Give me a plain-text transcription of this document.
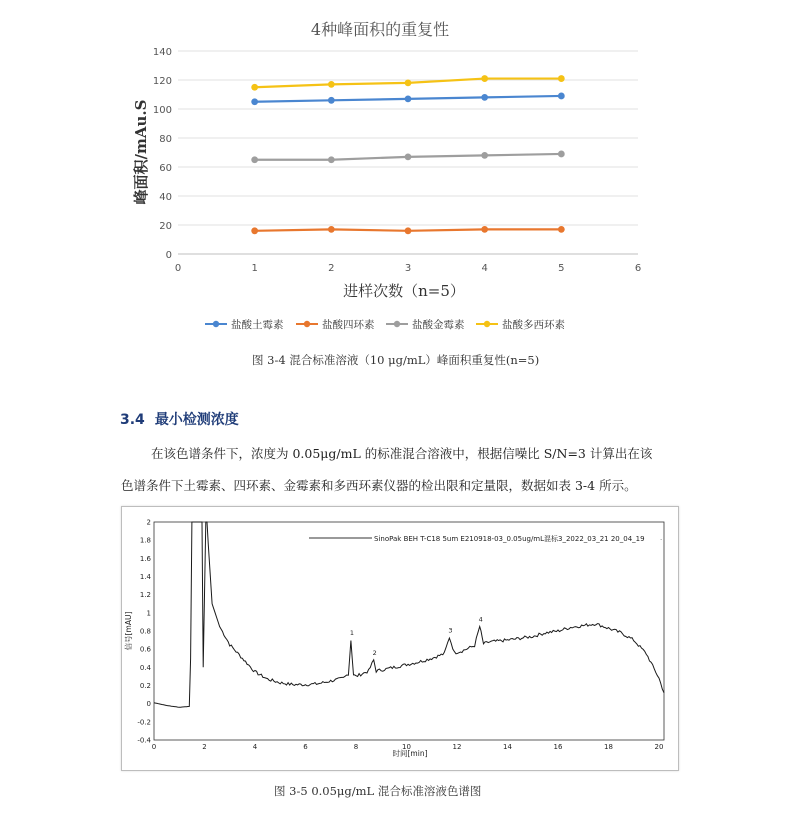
0
20
40
60
80
100
120
140
0	1	2	3	4	5	6
4种峰面积的重复性
进样次数（n=5）
峰面积/mAu.S
盐酸土霉素	盐酸四环素	盐酸金霉素	盐酸多西环素
图 3-4 混合标准溶液（10 μg/mL）峰面积重复性(n=5)
3.4 最小检测浓度
在该色谱条件下，浓度为 0.05μg/mL 的标准混合溶液中，根据信噪比 S/N=3 计算出在该
色谱条件下土霉素、四环素、金霉素和多西环素仪器的检出限和定量限，数据如表 3-4 所示。
-0.4
-0.2
0
0.2
0.4
0.6
0.8
1
1.2
1.4
1.6
1.8
2
0	2	4	6	8	10	12	14	16	18	20
1
2
3
4
SinoPak BEH T-C18 5um E210918-03_0.05ug/mL混标3_2022_03_21 20_04_19 .
信号[mAU]
时间[min]
图 3-5 0.05μg/mL 混合标准溶液色谱图
